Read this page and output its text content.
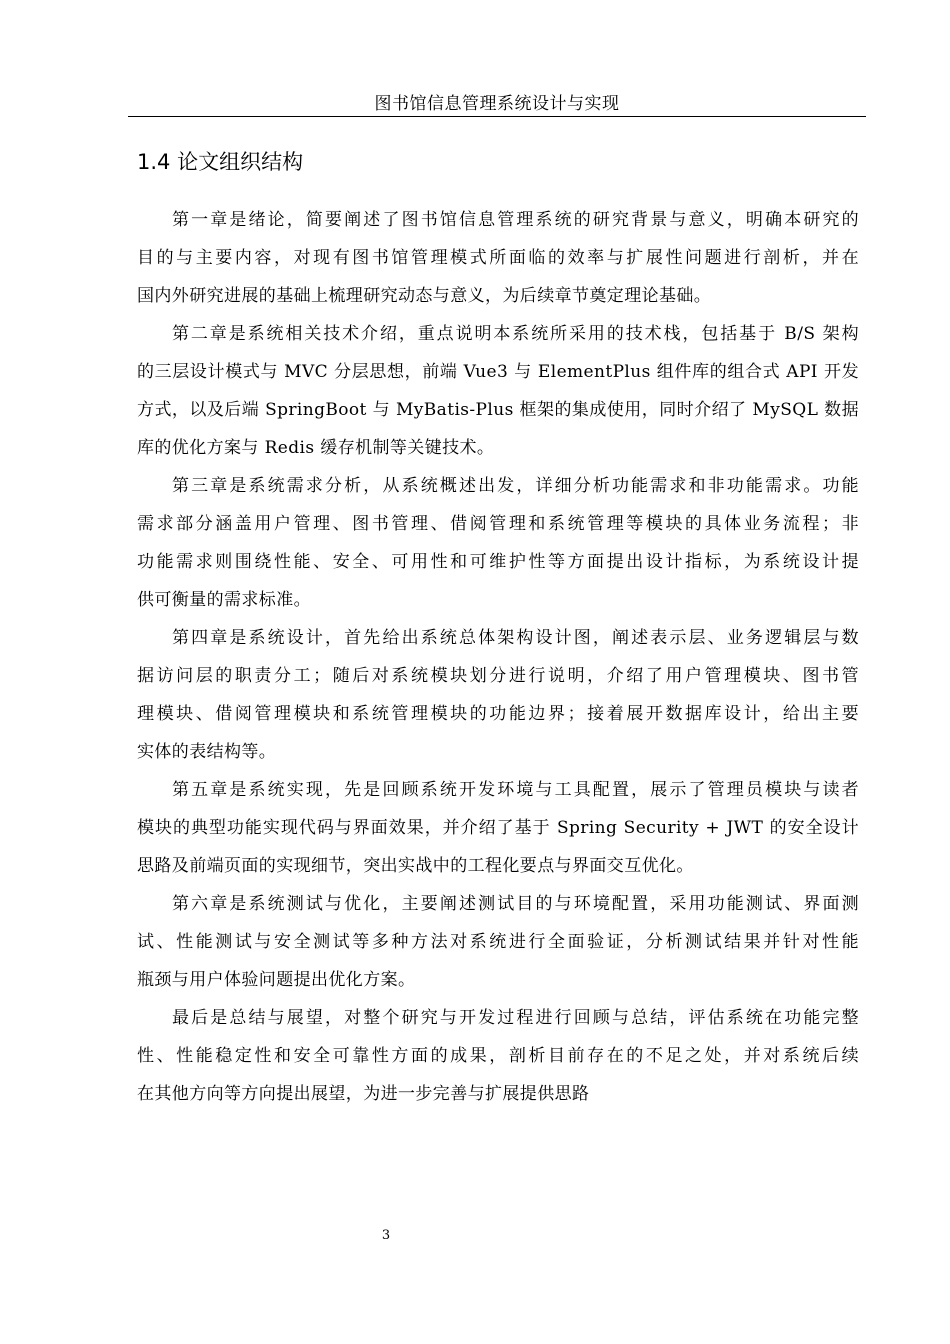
图书馆信息管理系统设计与实现
1.4 论文组织结构
第一章是绪论，简要阐述了图书馆信息管理系统的研究背景与意义，明确本研究的
目的与主要内容，对现有图书馆管理模式所面临的效率与扩展性问题进行剖析，并在
国内外研究进展的基础上梳理研究动态与意义，为后续章节奠定理论基础。
第二章是系统相关技术介绍，重点说明本系统所采用的技术栈，包括基于 B/S 架构
的三层设计模式与 MVC 分层思想，前端 Vue3 与 ElementPlus 组件库的组合式 API 开发
方式，以及后端 SpringBoot 与 MyBatis-Plus 框架的集成使用，同时介绍了 MySQL 数据
库的优化方案与 Redis 缓存机制等关键技术。
第三章是系统需求分析，从系统概述出发，详细分析功能需求和非功能需求。功能
需求部分涵盖用户管理、图书管理、借阅管理和系统管理等模块的具体业务流程；非
功能需求则围绕性能、安全、可用性和可维护性等方面提出设计指标，为系统设计提
供可衡量的需求标准。
第四章是系统设计，首先给出系统总体架构设计图，阐述表示层、业务逻辑层与数
据访问层的职责分工；随后对系统模块划分进行说明，介绍了用户管理模块、图书管
理模块、借阅管理模块和系统管理模块的功能边界；接着展开数据库设计，给出主要
实体的表结构等。
第五章是系统实现，先是回顾系统开发环境与工具配置，展示了管理员模块与读者
模块的典型功能实现代码与界面效果，并介绍了基于 Spring Security + JWT 的安全设计
思路及前端页面的实现细节，突出实战中的工程化要点与界面交互优化。
第六章是系统测试与优化，主要阐述测试目的与环境配置，采用功能测试、界面测
试、性能测试与安全测试等多种方法对系统进行全面验证，分析测试结果并针对性能
瓶颈与用户体验问题提出优化方案。
最后是总结与展望，对整个研究与开发过程进行回顾与总结，评估系统在功能完整
性、性能稳定性和安全可靠性方面的成果，剖析目前存在的不足之处，并对系统后续
在其他方向等方向提出展望，为进一步完善与扩展提供思路
3
